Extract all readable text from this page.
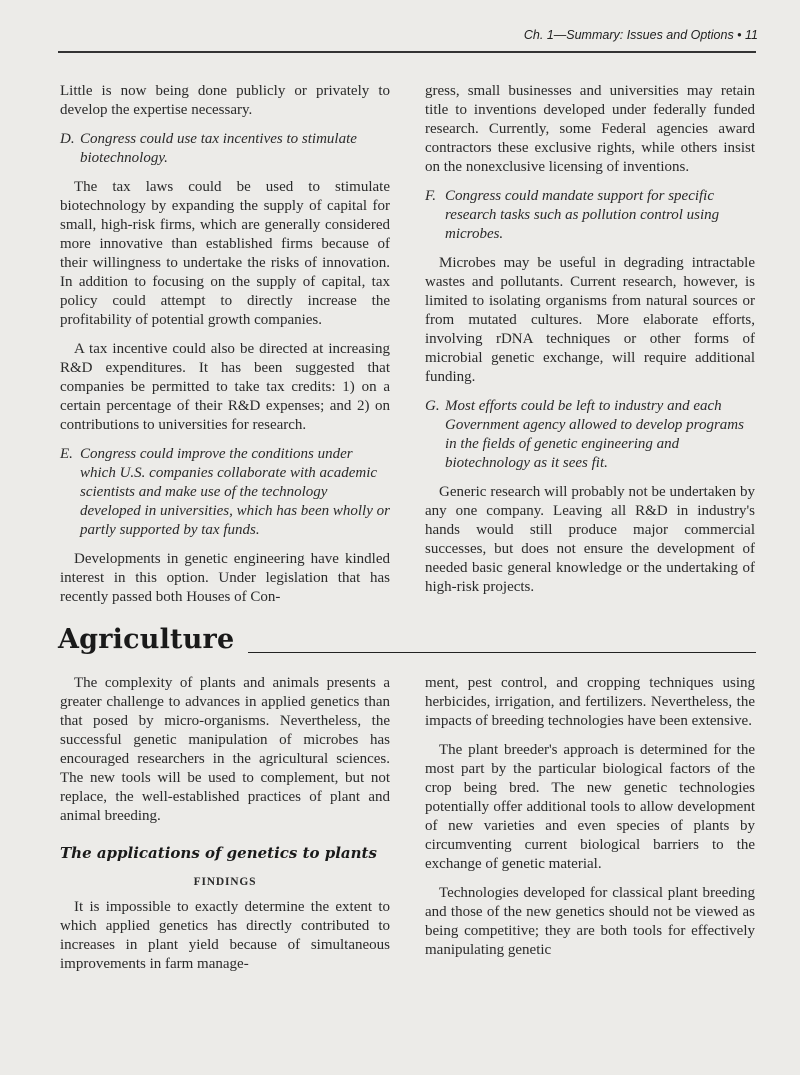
Ch. 1—Summary: Issues and Options • 11

Little is now being done publicly or privately to develop the expertise necessary.

D. Congress could use tax incentives to stimulate biotechnology.

The tax laws could be used to stimulate biotechnology by expanding the supply of capital for small, high-risk firms, which are generally considered more innovative than established firms because of their willingness to undertake the risks of innovation. In addition to focusing on the supply of capital, tax policy could attempt to directly increase the profitability of potential growth companies.

A tax incentive could also be directed at increasing R&D expenditures. It has been suggested that companies be permitted to take tax credits: 1) on a certain percentage of their R&D expenses; and 2) on contributions to universities for research.

E. Congress could improve the conditions under which U.S. companies collaborate with academic scientists and make use of the technology developed in universities, which has been wholly or partly supported by tax funds.

Developments in genetic engineering have kindled interest in this option. Under legislation that has recently passed both Houses of Con-

gress, small businesses and universities may retain title to inventions developed under federally funded research. Currently, some Federal agencies award contractors these exclusive rights, while others insist on the nonexclusive licensing of inventions.

F. Congress could mandate support for specific research tasks such as pollution control using microbes.

Microbes may be useful in degrading intractable wastes and pollutants. Current research, however, is limited to isolating organisms from natural sources or from mutated cultures. More elaborate efforts, involving rDNA techniques or other forms of microbial genetic exchange, will require additional funding.

G. Most efforts could be left to industry and each Government agency allowed to develop programs in the fields of genetic engineering and biotechnology as it sees fit.

Generic research will probably not be undertaken by any one company. Leaving all R&D in industry's hands would still produce major commercial successes, but does not ensure the development of needed basic general knowledge or the undertaking of high-risk projects.

Agriculture

The complexity of plants and animals presents a greater challenge to advances in applied genetics than that posed by micro-organisms. Nevertheless, the successful genetic manipulation of microbes has encouraged researchers in the agricultural sciences. The new tools will be used to complement, but not replace, the well-established practices of plant and animal breeding.

The applications of genetics to plants
FINDINGS

It is impossible to exactly determine the extent to which applied genetics has directly contributed to increases in plant yield because of simultaneous improvements in farm manage-

ment, pest control, and cropping techniques using herbicides, irrigation, and fertilizers. Nevertheless, the impacts of breeding technologies have been extensive.

The plant breeder's approach is determined for the most part by the particular biological factors of the crop being bred. The new genetic technologies potentially offer additional tools to allow development of new varieties and even species of plants by circumventing current biological barriers to the exchange of genetic material.

Technologies developed for classical plant breeding and those of the new genetics should not be viewed as being competitive; they are both tools for effectively manipulating genetic
